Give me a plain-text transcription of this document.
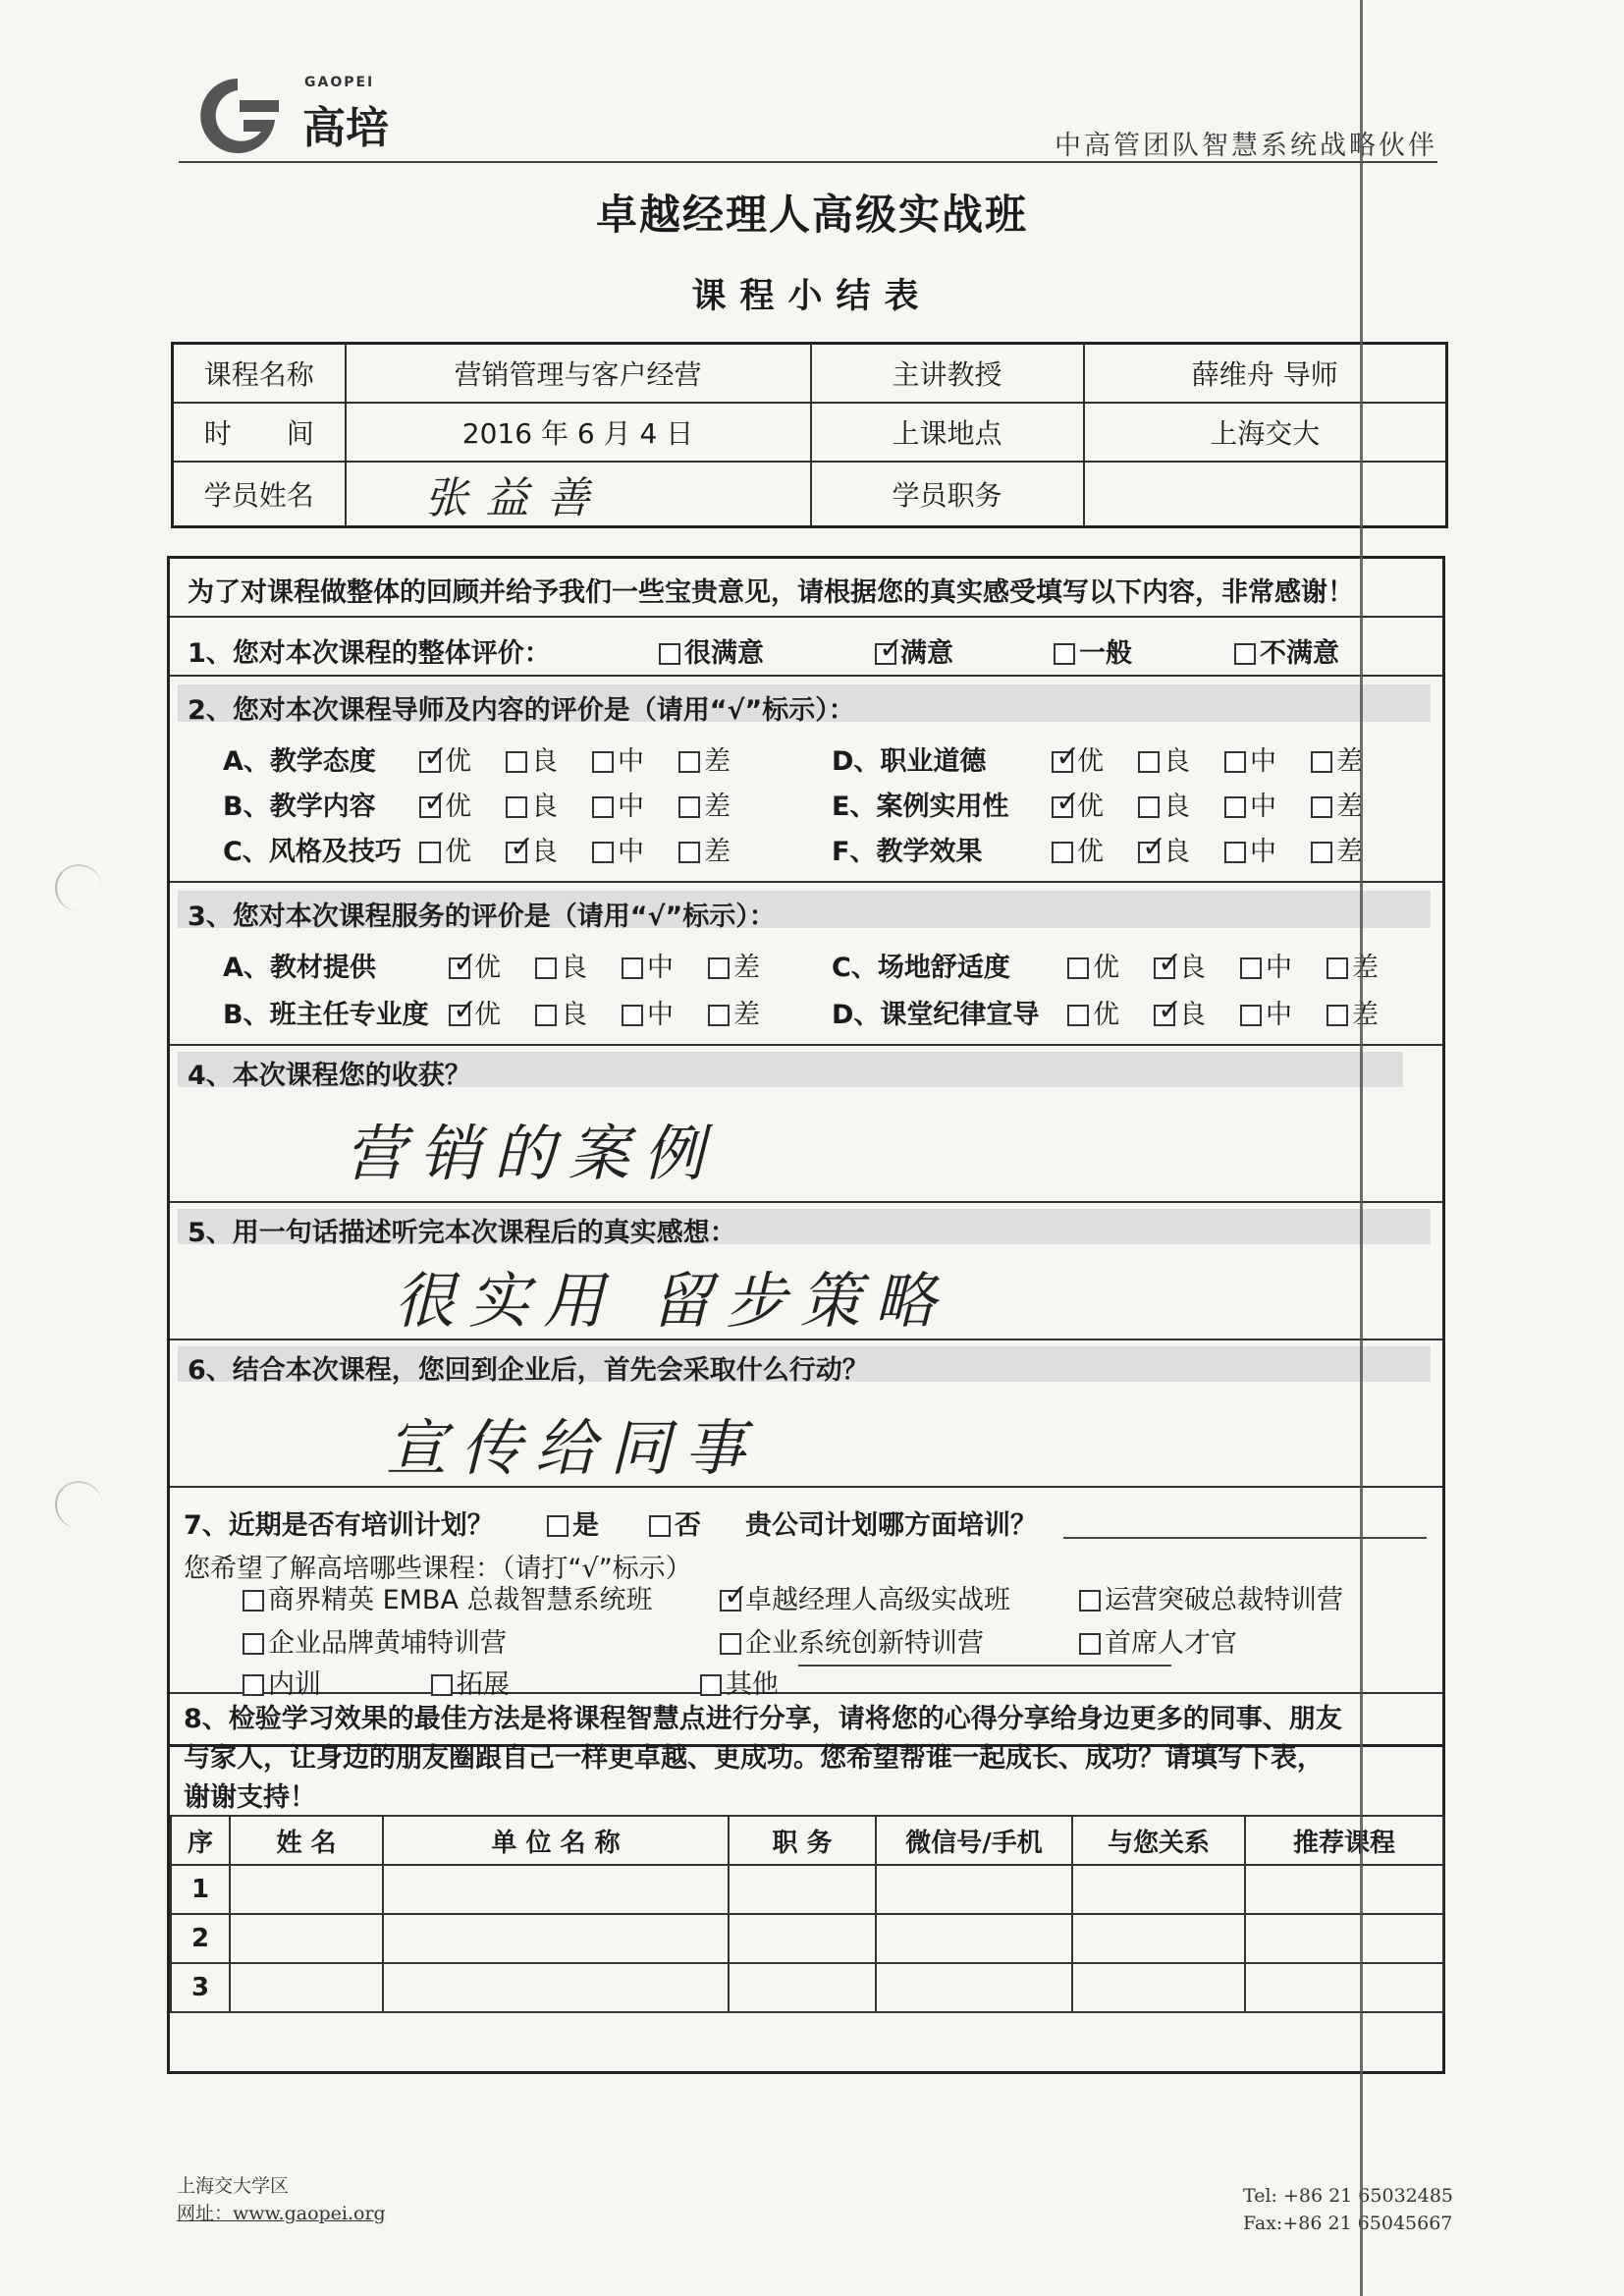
GAOPEI
高培	中高管团队智慧系统战略伙伴
卓越经理人高级实战班
课程小结表
课程名称	营销管理与客户经营	主讲教授	薛维舟 导师
时　　间	2016 年 6 月 4 日	上课地点	上海交大
学员姓名	张益善	学员职务	
为了对课程做整体的回顾并给予我们一些宝贵意见，请根据您的真实感受填写以下内容，非常感谢！
1、您对本次课程的整体评价：	很满意 ✓	满意	一般	不满意
2、您对本次课程导师及内容的评价是（请用“√”标示）：
A、教学态度 ✓	优	良	中	差
B、教学内容 ✓	优	良	中	差
C、风格及技巧	优 ✓	良	中	差
D、职业道德 ✓	优	良	中	差
E、案例实用性 ✓	优	良	中	差
F、教学效果	优 ✓	良	中	差
3、您对本次课程服务的评价是（请用“√”标示）：
A、教材提供 ✓	优	良	中	差
B、班主任专业度 ✓	优	良	中	差
C、场地舒适度	优 ✓	良	中	差
D、课堂纪律宣导	优 ✓	良	中	差
4、本次课程您的收获？
营销的案例
5、用一句话描述听完本次课程后的真实感想：
很实用 留步策略
6、结合本次课程，您回到企业后，首先会采取什么行动？
宣传给同事
7、近期是否有培训计划？	是	否 贵公司计划哪方面培训？
您希望了解高培哪些课程：（请打“√”标示）
商界精英 EMBA 总裁智慧系统班 ✓	卓越经理人高级实战班	运营突破总裁特训营
企业品牌黄埔特训营	企业系统创新特训营	首席人才官
内训	拓展	其他
8、检验学习效果的最佳方法是将课程智慧点进行分享，请将您的心得分享给身边更多的同事、朋友
与家人，让身边的朋友圈跟自己一样更卓越、更成功。您希望帮谁一起成长、成功？请填写下表，
谢谢支持！
序	姓 名	单 位 名 称	职 务	微信号/手机	与您关系	推荐课程
1						
2						
3						
上海交大学区
网址：www.gaopei.org
Tel: +86 21 65032485
Fax:+86 21 65045667
